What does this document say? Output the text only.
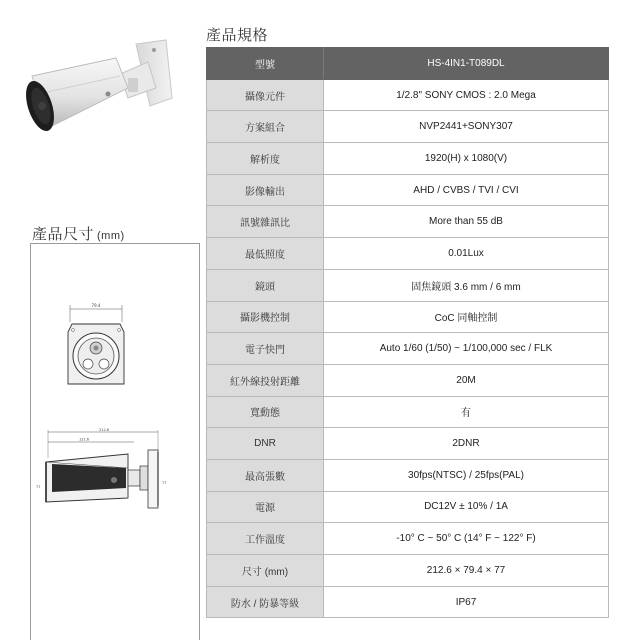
產品規格
型號	HS-4IN1-T089DL
攝像元件	1/2.8" SONY CMOS : 2.0 Mega
方案組合	NVP2441+SONY307
解析度	1920(H) x 1080(V)
影像輸出	AHD / CVBS / TVI / CVI
訊號雜訊比	More than 55 dB
最低照度	0.01Lux
鏡頭	固焦鏡頭 3.6 mm / 6 mm
攝影機控制	CoC 同軸控制
電子快門	Auto 1/60 (1/50) ~ 1/100,000 sec / FLK
紅外線投射距離	20M
寬動態	有
DNR	2DNR
最高張數	30fps(NTSC) / 25fps(PAL)
電源	DC12V ± 10% / 1A
工作溫度	-10° C ~ 50° C (14° F ~ 122° F)
尺寸 (mm)	212.6 × 79.4 × 77
防水 / 防暴等級	IP67
產品尺寸 (mm)
79.4
212.6
121.6
77
77
